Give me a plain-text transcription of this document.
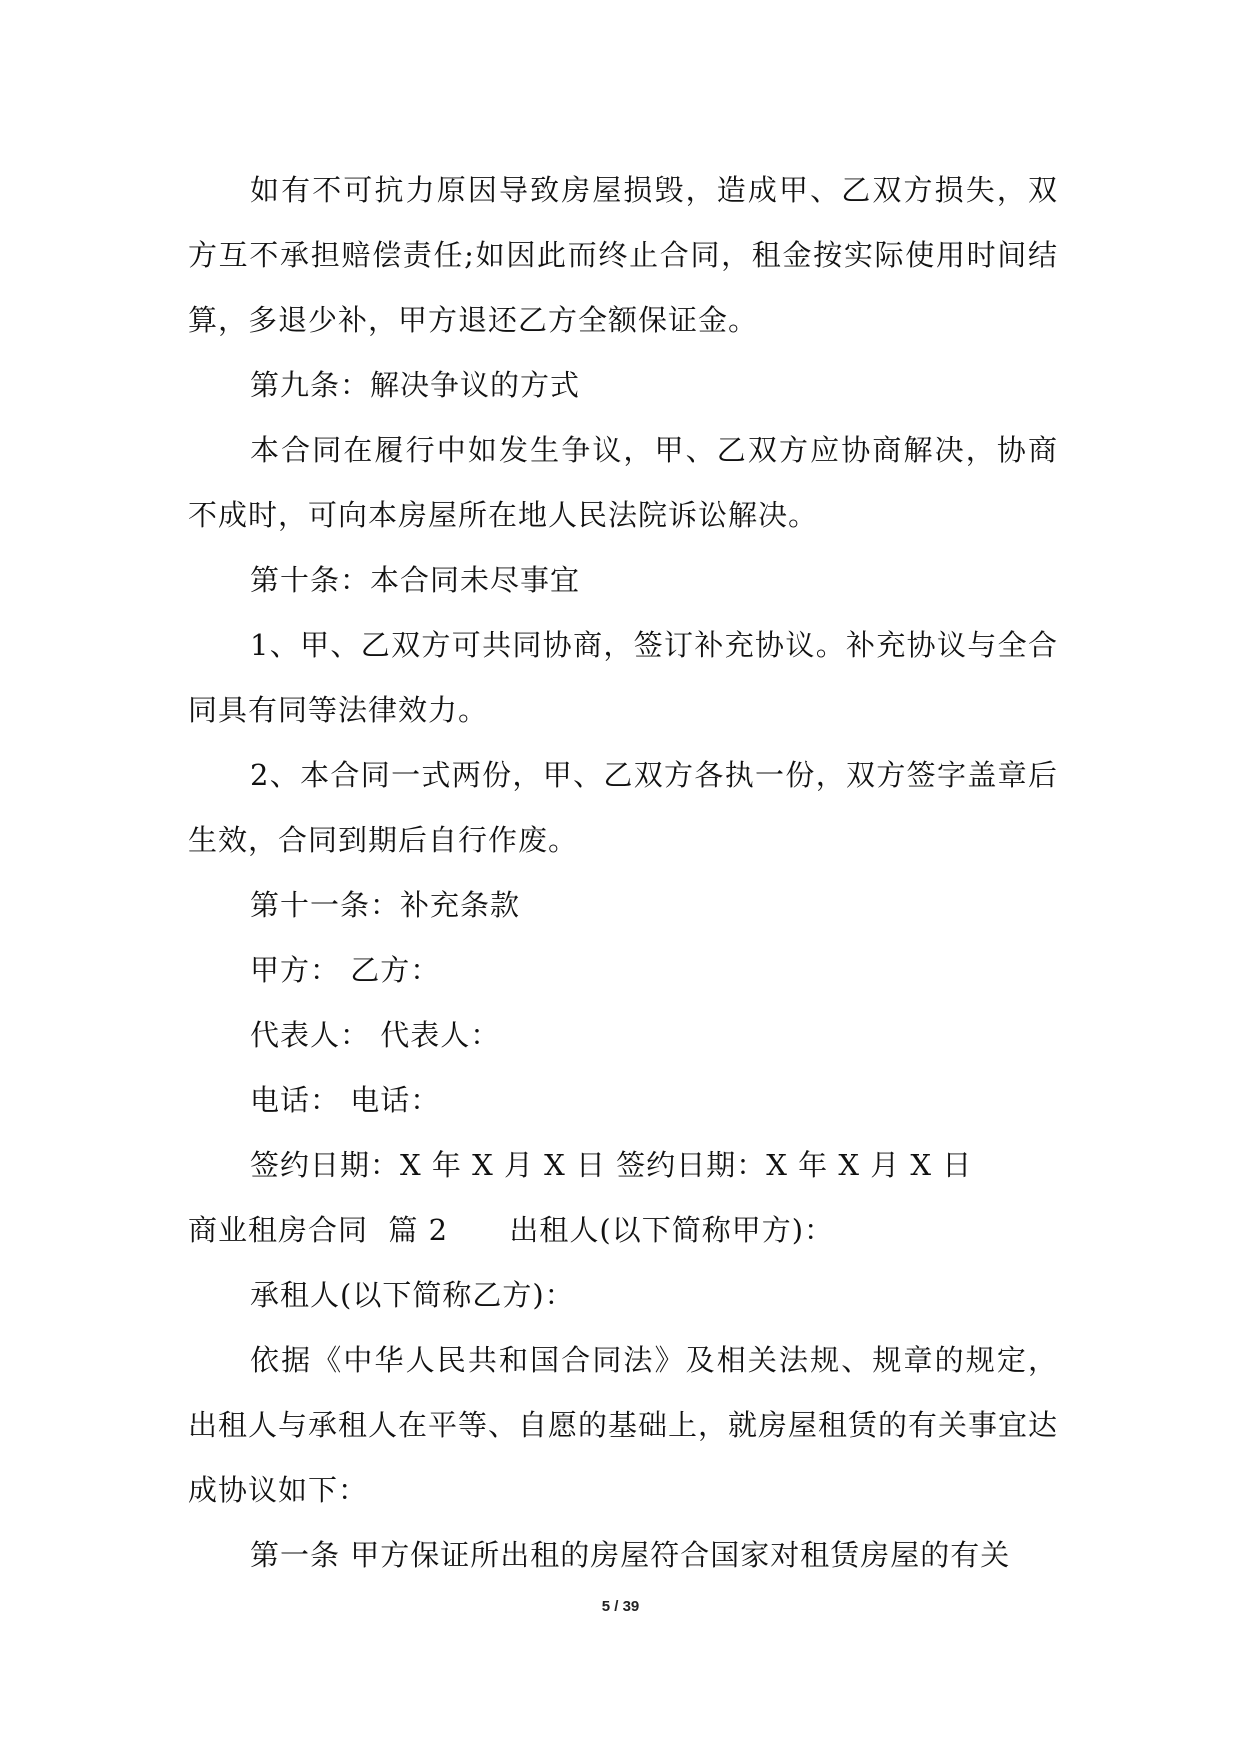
如有不可抗力原因导致房屋损毁，造成甲、乙双方损失，双方互不承担赔偿责任;如因此而终止合同，租金按实际使用时间结算，多退少补，甲方退还乙方全额保证金。

第九条：解决争议的方式

本合同在履行中如发生争议，甲、乙双方应协商解决，协商不成时，可向本房屋所在地人民法院诉讼解决。

第十条：本合同未尽事宜

1、甲、乙双方可共同协商，签订补充协议。补充协议与全合同具有同等法律效力。

2、本合同一式两份，甲、乙双方各执一份，双方签字盖章后生效，合同到期后自行作废。

第十一条：补充条款

甲方： 乙方：

代表人： 代表人：

电话： 电话：

签约日期：X 年 X 月 X 日 签约日期：X 年 X 月 X 日

商业租房合同  篇 2 出租人(以下简称甲方)：

承租人(以下简称乙方)：

依据《中华人民共和国合同法》及相关法规、规章的规定，出租人与承租人在平等、自愿的基础上，就房屋租赁的有关事宜达成协议如下：

第一条 甲方保证所出租的房屋符合国家对租赁房屋的有关

5 / 39
